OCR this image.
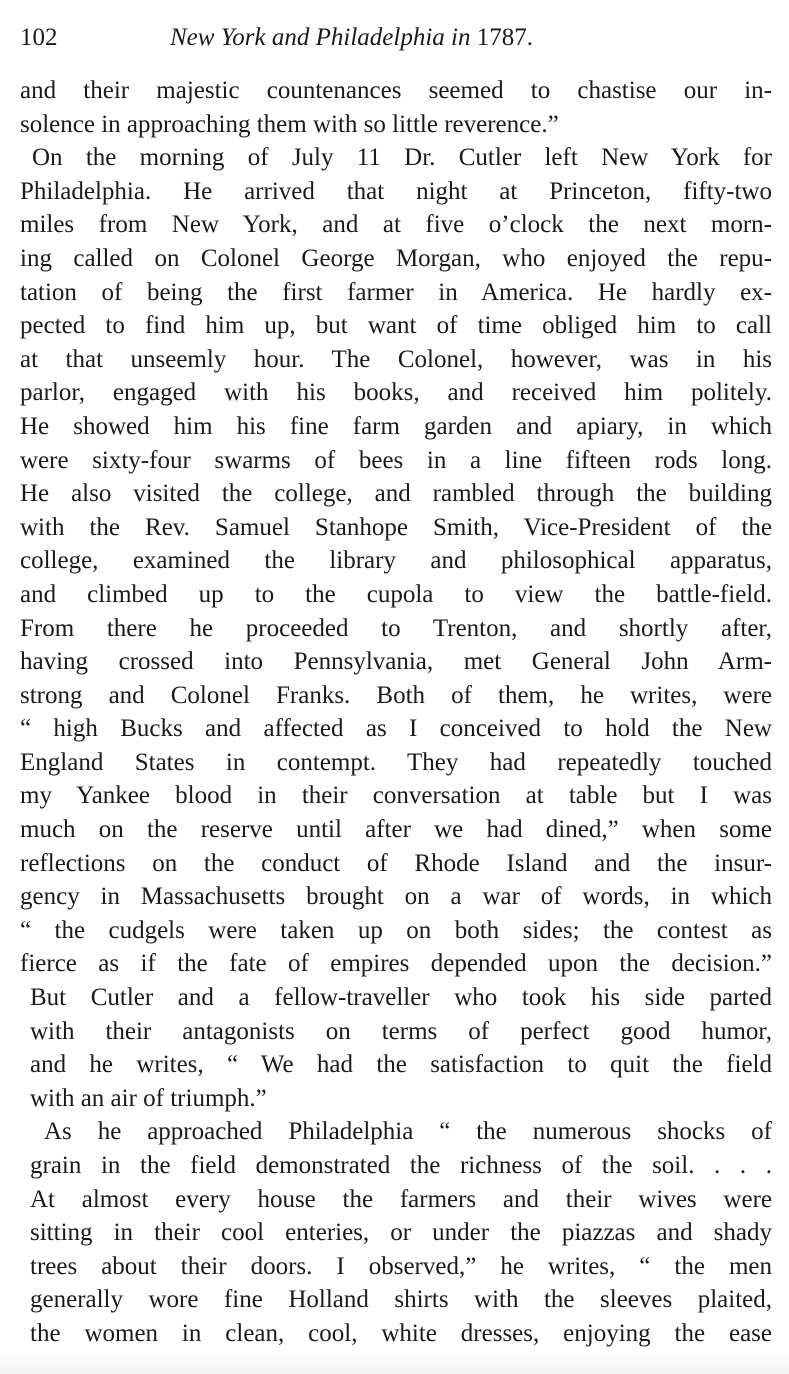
102	New York and Philadelphia in 1787.
and their majestic countenances seemed to chastise our in-
solence in approaching them with so little reverence.”
On the morning of July 11 Dr. Cutler left New York for
Philadelphia. He arrived that night at Princeton, fifty-two
miles from New York, and at five o’clock the next morn-
ing called on Colonel George Morgan, who enjoyed the repu-
tation of being the first farmer in America. He hardly ex-
pected to find him up, but want of time obliged him to call
at that unseemly hour. The Colonel, however, was in his
parlor, engaged with his books, and received him politely.
He showed him his fine farm garden and apiary, in which
were sixty-four swarms of bees in a line fifteen rods long.
He also visited the college, and rambled through the building
with the Rev. Samuel Stanhope Smith, Vice-President of the
college, examined the library and philosophical apparatus,
and climbed up to the cupola to view the battle-field.
From there he proceeded to Trenton, and shortly after,
having crossed into Pennsylvania, met General John Arm-
strong and Colonel Franks. Both of them, he writes, were
“ high Bucks and affected as I conceived to hold the New
England States in contempt. They had repeatedly touched
my Yankee blood in their conversation at table but I was
much on the reserve until after we had dined,” when some
reflections on the conduct of Rhode Island and the insur-
gency in Massachusetts brought on a war of words, in which
“ the cudgels were taken up on both sides; the contest as
fierce as if the fate of empires depended upon the decision.”
But Cutler and a fellow-traveller who took his side parted
with their antagonists on terms of perfect good humor,
and he writes, “ We had the satisfaction to quit the field
with an air of triumph.”
As he approached Philadelphia “ the numerous shocks of
grain in the field demonstrated the richness of the soil. . . .
At almost every house the farmers and their wives were
sitting in their cool enteries, or under the piazzas and shady
trees about their doors. I observed,” he writes, “ the men
generally wore fine Holland shirts with the sleeves plaited,
the women in clean, cool, white dresses, enjoying the ease
